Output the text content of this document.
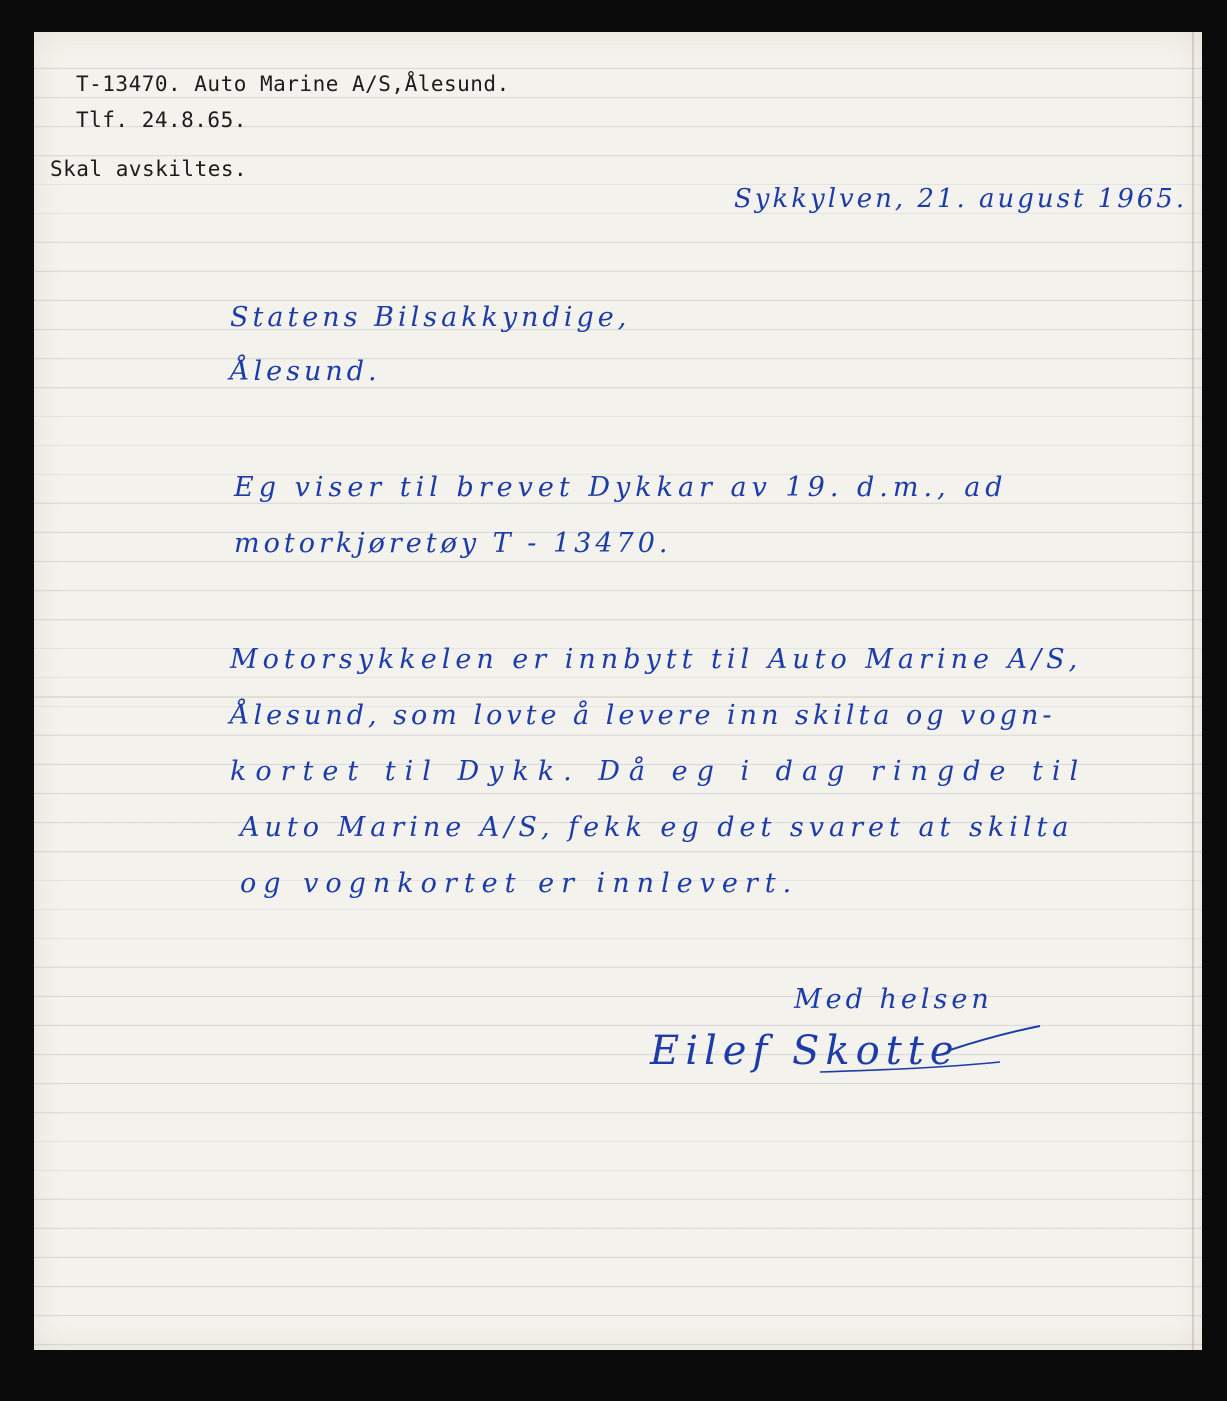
T-13470. Auto Marine A/S,Ålesund.

Tlf. 24.8.65.

Skal avskiltes.

Sykkylven, 21. august 1965.

Statens Bilsakkyndige,

Ålesund.

Eg viser til brevet Dykkar av 19. d.m., ad

motorkjøretøy T - 13470.

Motorsykkelen er innbytt til Auto Marine A/S,

Ålesund, som lovte å levere inn skilta og vogn-

kortet til Dykk. Då eg i dag ringde til

Auto Marine A/S, fekk eg det svaret at skilta

og vognkortet er innlevert.

Med helsen

Eilef Skotte
